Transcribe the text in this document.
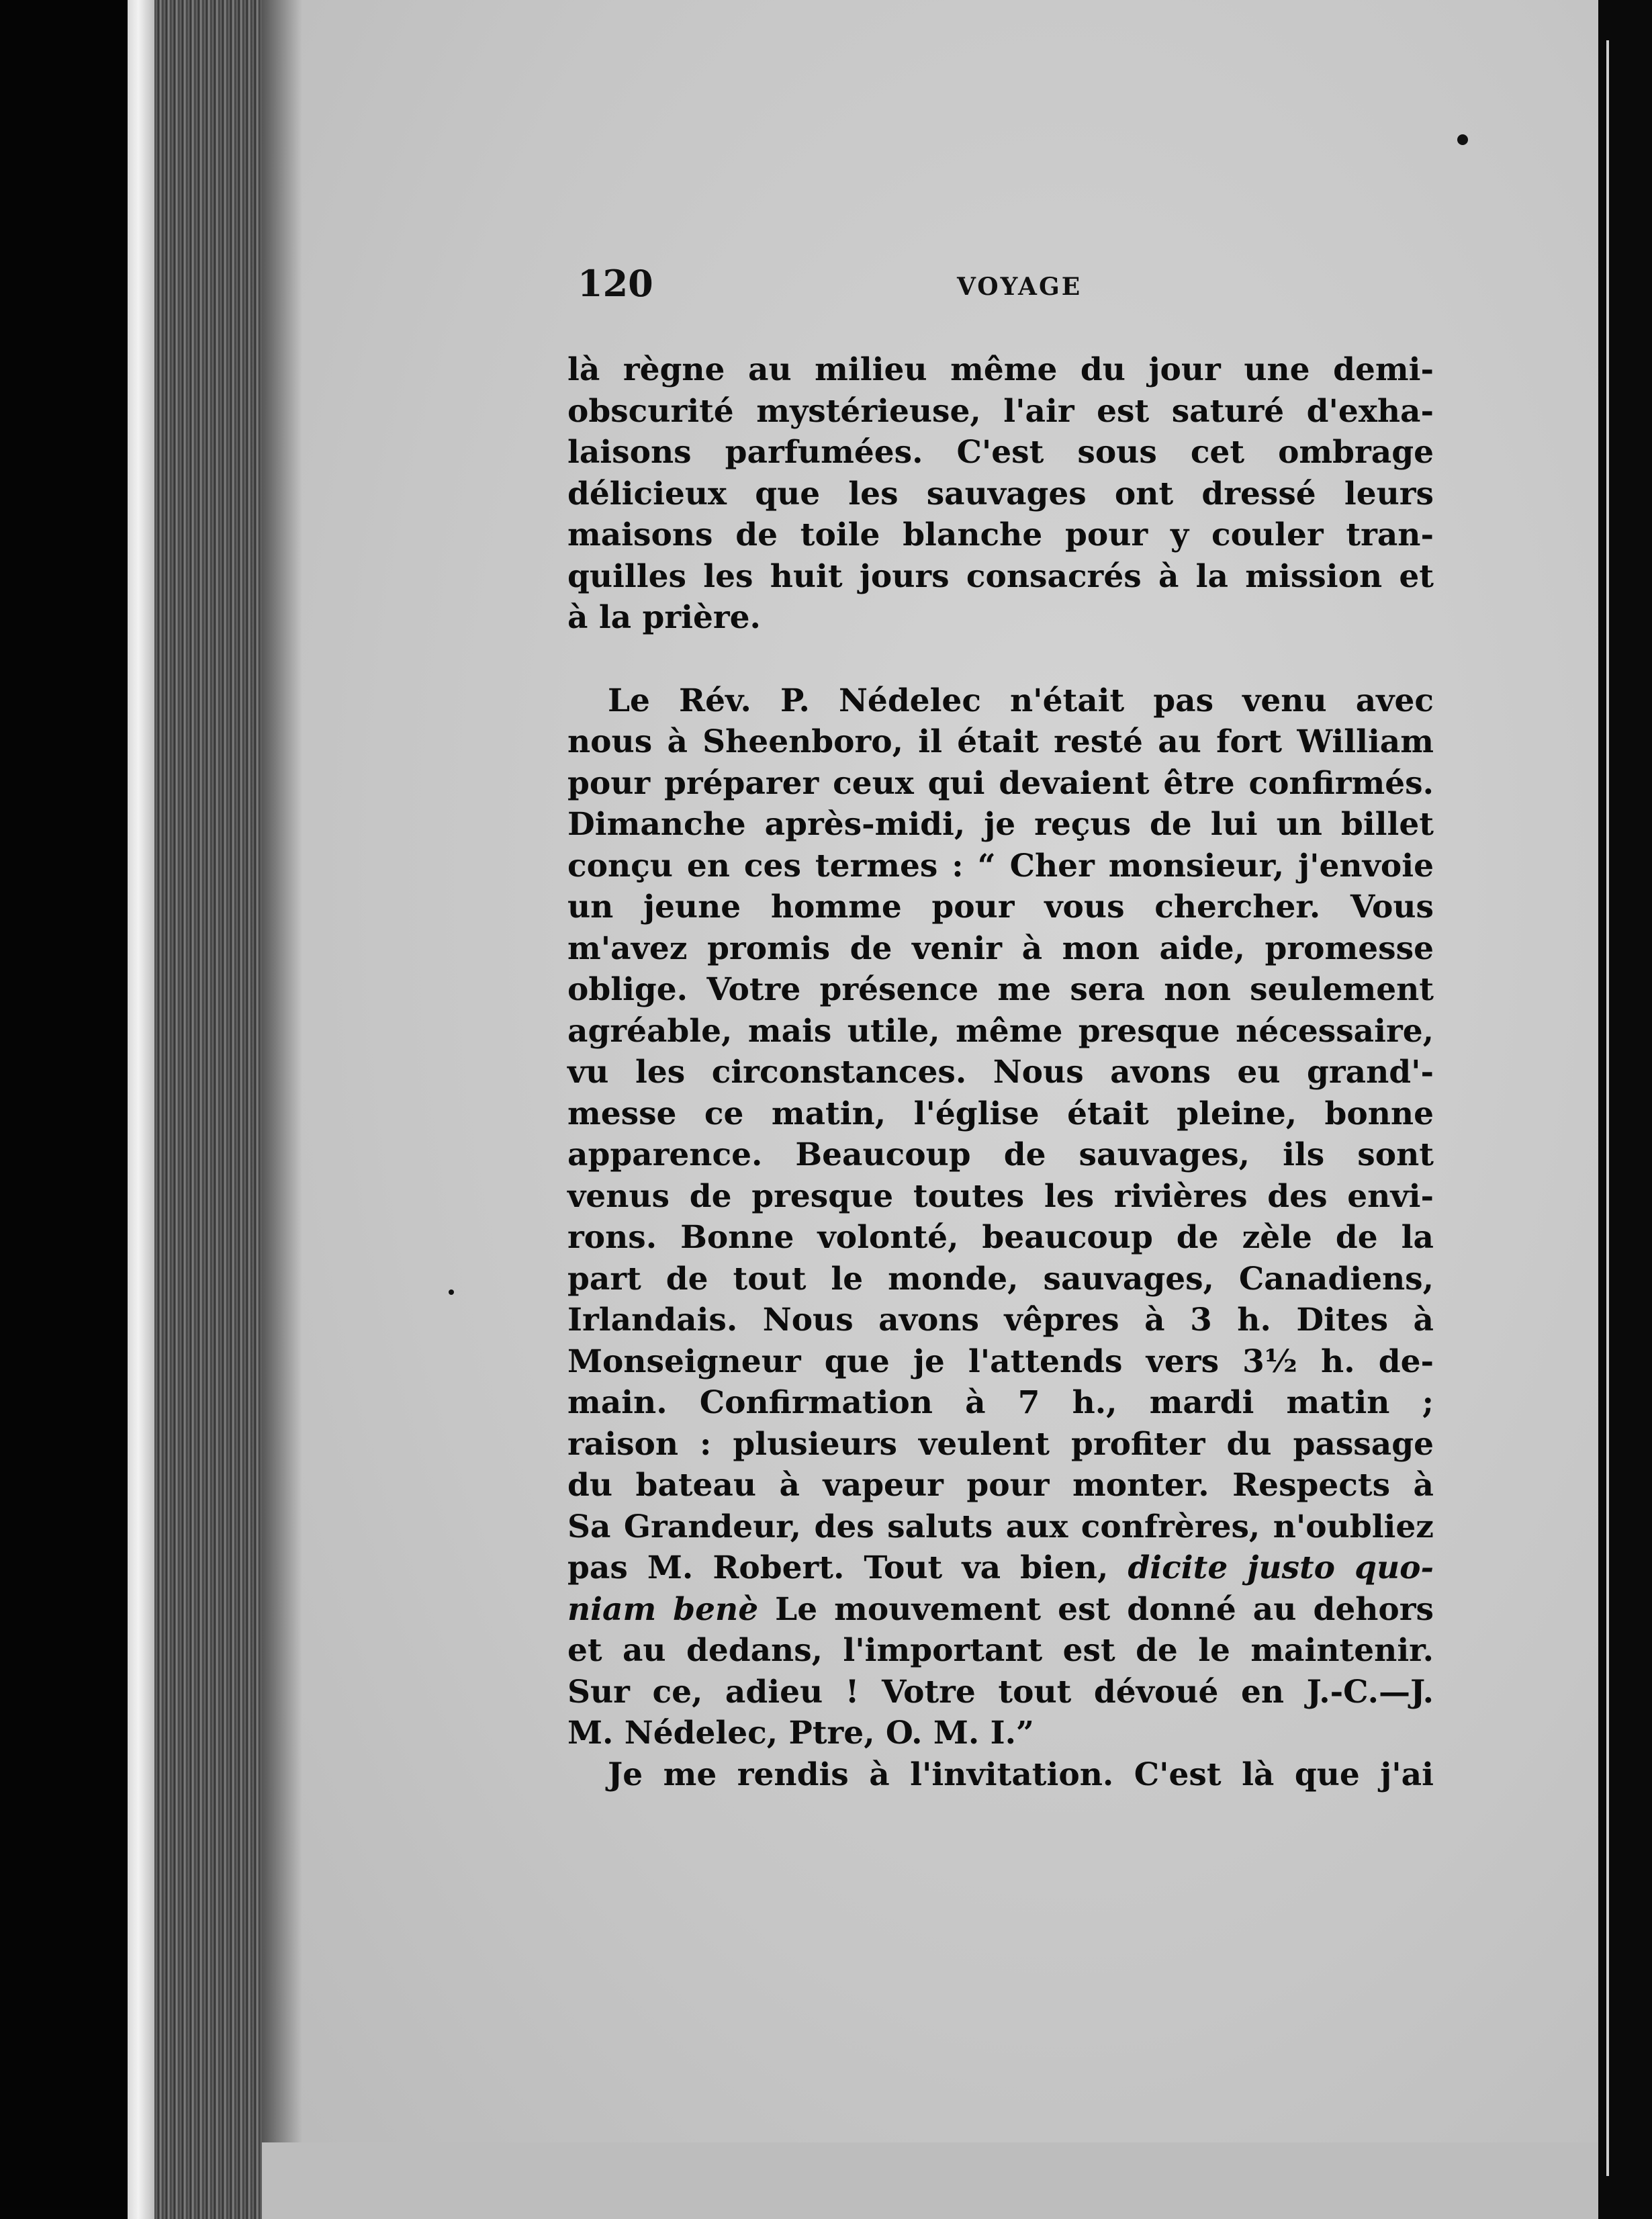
120	VOYAGE
là règne au milieu même du jour une demi-
obscurité mystérieuse, l'air est saturé d'exha-
laisons parfumées. C'est sous cet ombrage
délicieux que les sauvages ont dressé leurs
maisons de toile blanche pour y couler tran-
quilles les huit jours consacrés à la mission et
à la prière.
Le Rév. P. Nédelec n'était pas venu avec
nous à Sheenboro, il était resté au fort William
pour préparer ceux qui devaient être confirmés.
Dimanche après-midi, je reçus de lui un billet
conçu en ces termes : “ Cher monsieur, j'envoie
un jeune homme pour vous chercher. Vous
m'avez promis de venir à mon aide, promesse
oblige. Votre présence me sera non seulement
agréable, mais utile, même presque nécessaire,
vu les circonstances. Nous avons eu grand'-
messe ce matin, l'église était pleine, bonne
apparence. Beaucoup de sauvages, ils sont
venus de presque toutes les rivières des envi-
rons. Bonne volonté, beaucoup de zèle de la
part de tout le monde, sauvages, Canadiens,
Irlandais. Nous avons vêpres à 3 h. Dites à
Monseigneur que je l'attends vers 3½ h. de-
main. Confirmation à 7 h., mardi matin ;
raison : plusieurs veulent profiter du passage
du bateau à vapeur pour monter. Respects à
Sa Grandeur, des saluts aux confrères, n'oubliez
pas M. Robert. Tout va bien, dicite justo quo-
niam benè Le mouvement est donné au dehors
et au dedans, l'important est de le maintenir.
Sur ce, adieu ! Votre tout dévoué en J.-C.—J.
M. Nédelec, Ptre, O. M. I.”
Je me rendis à l'invitation. C'est là que j'ai
